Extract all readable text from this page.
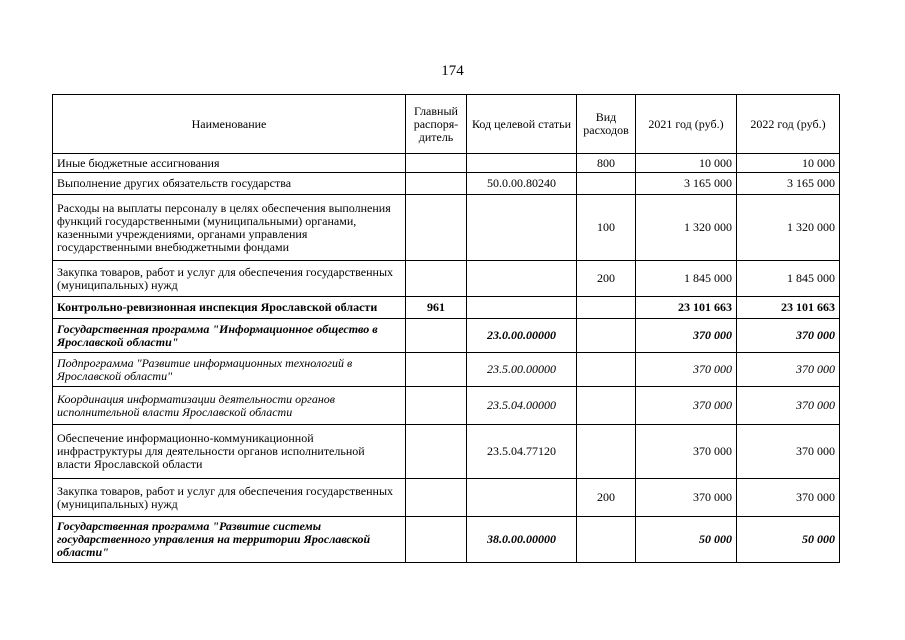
174
Наименование	Главный распоря-дитель	Код целевой статьи	Вид расходов	2021 год (руб.)	2022 год (руб.)
Иные бюджетные ассигнования			800	10 000	10 000
Выполнение других обязательств государства		50.0.00.80240		3 165 000	3 165 000
Расходы на выплаты персоналу в целях обеспечения выполнения функций государственными (муниципальными) органами, казенными учреждениями, органами управления государственными внебюджетными фондами			100	1 320 000	1 320 000
Закупка товаров, работ и услуг для обеспечения государственных (муниципальных) нужд			200	1 845 000	1 845 000
Контрольно-ревизионная инспекция Ярославской области	961			23 101 663	23 101 663
Государственная программа "Информационное общество в Ярославской области"		23.0.00.00000		370 000	370 000
Подпрограмма "Развитие информационных технологий в Ярославской области"		23.5.00.00000		370 000	370 000
Координация информатизации деятельности органов исполнительной власти Ярославской области		23.5.04.00000		370 000	370 000
Обеспечение информационно-коммуникационной инфраструктуры для деятельности органов исполнительной власти Ярославской области		23.5.04.77120		370 000	370 000
Закупка товаров, работ и услуг для обеспечения государственных (муниципальных) нужд			200	370 000	370 000
Государственная программа "Развитие системы государственного управления на территории Ярославской области"		38.0.00.00000		50 000	50 000
